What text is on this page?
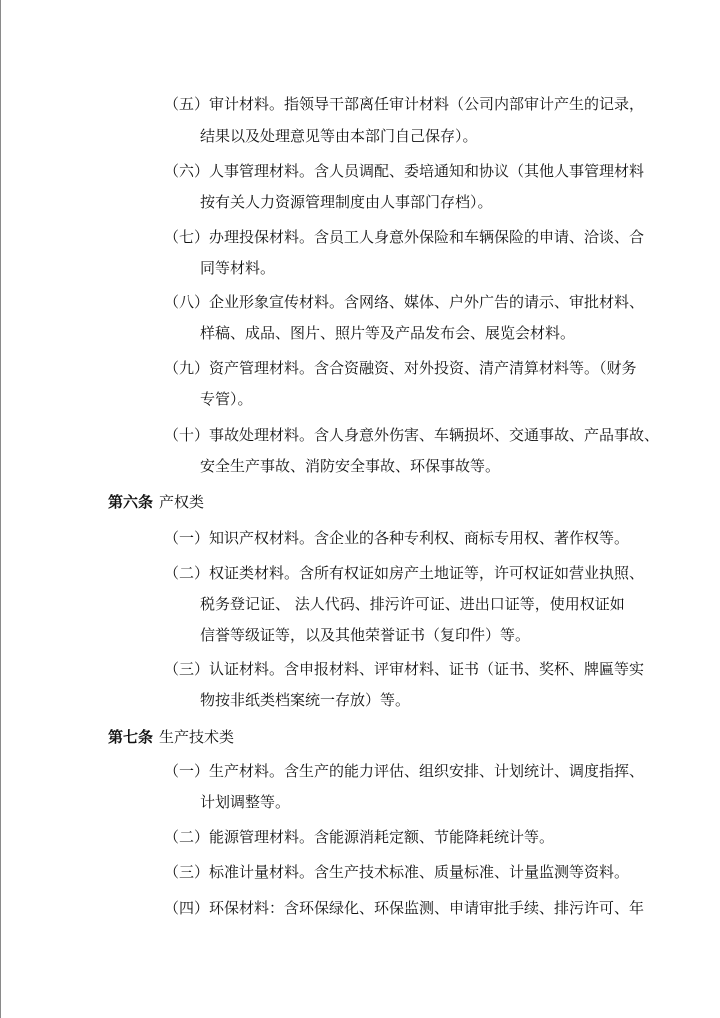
（五）审计材料。指领导干部离任审计材料（公司内部审计产生的记录，
结果以及处理意见等由本部门自己保存）。
（六）人事管理材料。含人员调配、委培通知和协议（其他人事管理材料
按有关人力资源管理制度由人事部门存档）。
（七）办理投保材料。含员工人身意外保险和车辆保险的申请、洽谈、合
同等材料。
（八）企业形象宣传材料。含网络、媒体、户外广告的请示、审批材料、
样稿、成品、图片、照片等及产品发布会、展览会材料。
（九）资产管理材料。含合资融资、对外投资、清产清算材料等。（财务
专管）。
（十）事故处理材料。含人身意外伤害、车辆损坏、交通事故、产品事故、
安全生产事故、消防安全事故、环保事故等。
第六条 产权类
（一）知识产权材料。含企业的各种专利权、商标专用权、著作权等。
（二）权证类材料。含所有权证如房产土地证等，许可权证如营业执照、
税务登记证、 法人代码、排污许可证、进出口证等，使用权证如
信誉等级证等，以及其他荣誉证书（复印件）等。
（三）认证材料。含申报材料、评审材料、证书（证书、奖杯、牌匾等实
物按非纸类档案统一存放）等。
第七条 生产技术类
（一）生产材料。含生产的能力评估、组织安排、计划统计、调度指挥、
计划调整等。
（二）能源管理材料。含能源消耗定额、节能降耗统计等。
（三）标准计量材料。含生产技术标准、质量标准、计量监测等资料。
（四）环保材料：含环保绿化、环保监测、申请审批手续、排污许可、年
